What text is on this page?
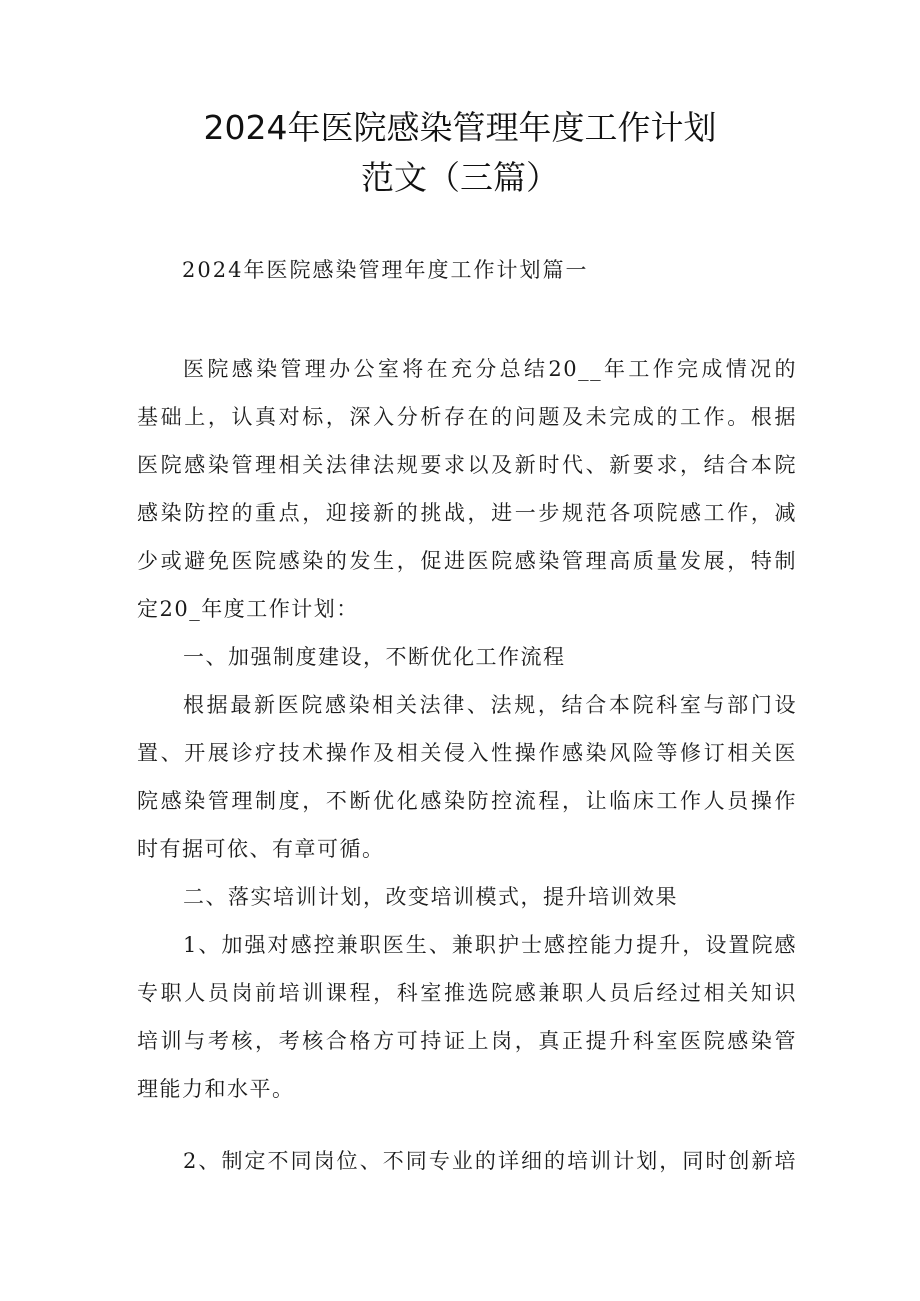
2024年医院感染管理年度工作计划
范文（三篇）
2024年医院感染管理年度工作计划篇一
医院感染管理办公室将在充分总结20__年工作完成情况的
基础上，认真对标，深入分析存在的问题及未完成的工作。根据
医院感染管理相关法律法规要求以及新时代、新要求，结合本院
感染防控的重点，迎接新的挑战，进一步规范各项院感工作，减
少或避免医院感染的发生，促进医院感染管理高质量发展，特制
定20_年度工作计划：
一、加强制度建设，不断优化工作流程
根据最新医院感染相关法律、法规，结合本院科室与部门设
置、开展诊疗技术操作及相关侵入性操作感染风险等修订相关医
院感染管理制度，不断优化感染防控流程，让临床工作人员操作
时有据可依、有章可循。
二、落实培训计划，改变培训模式，提升培训效果
1、加强对感控兼职医生、兼职护士感控能力提升，设置院感
专职人员岗前培训课程，科室推选院感兼职人员后经过相关知识
培训与考核，考核合格方可持证上岗，真正提升科室医院感染管
理能力和水平。
2、制定不同岗位、不同专业的详细的培训计划，同时创新培
